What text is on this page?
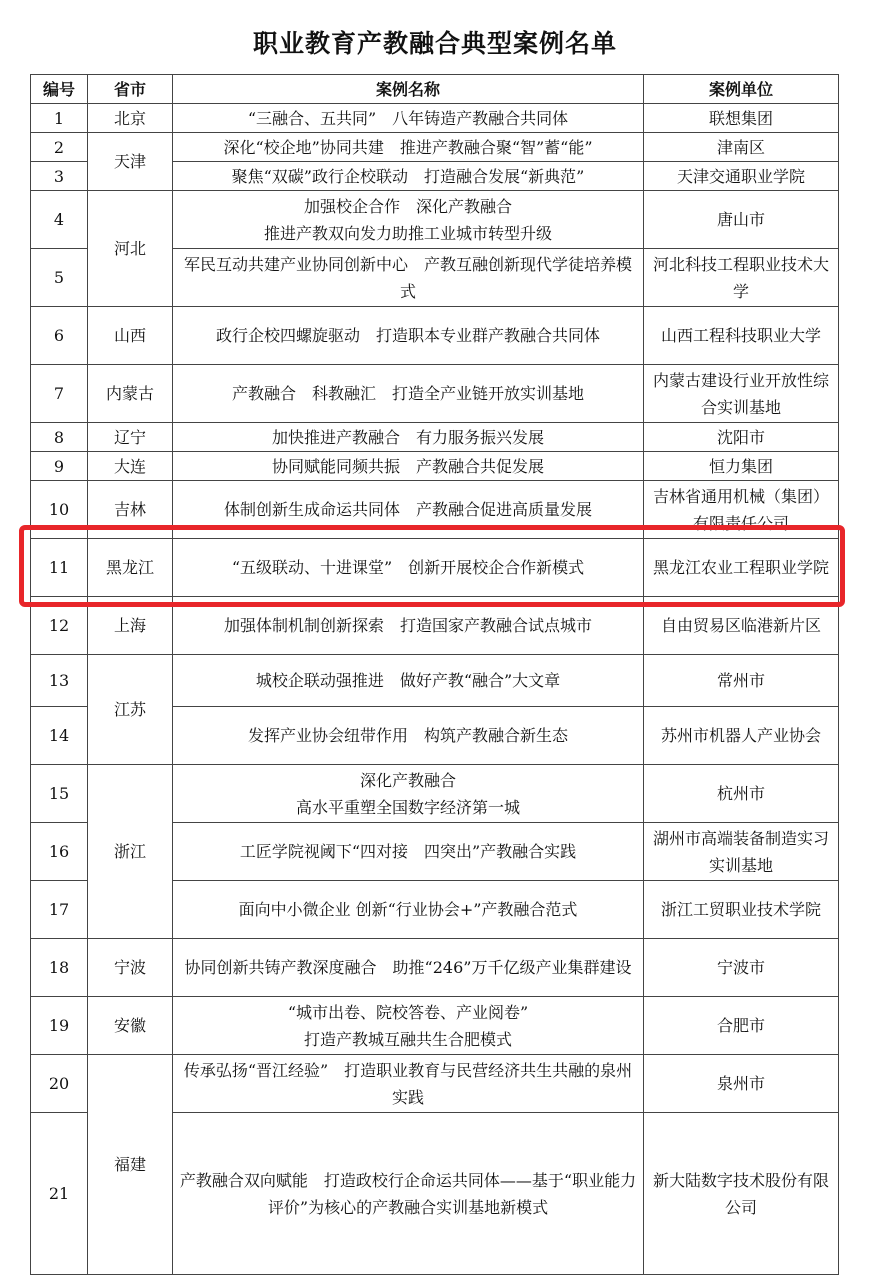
职业教育产教融合典型案例名单
编号	省市	案例名称	案例单位
1	北京	“三融合、五共同”　八年铸造产教融合共同体	联想集团
2	天津	深化“校企地”协同共建　推进产教融合聚“智”蓄“能”	津南区
3		聚焦“双碳”政行企校联动　打造融合发展“新典范”	天津交通职业学院
4	河北	加强校企合作　深化产教融合
推进产教双向发力助推工业城市转型升级	唐山市
5		军民互动共建产业协同创新中心　产教互融创新现代学徒培养模式	河北科技工程职业技术大学
6	山西	政行企校四螺旋驱动　打造职本专业群产教融合共同体	山西工程科技职业大学
7	内蒙古	产教融合　科教融汇　打造全产业链开放实训基地	内蒙古建设行业开放性综合实训基地
8	辽宁	加快推进产教融合　有力服务振兴发展	沈阳市
9	大连	协同赋能同频共振　产教融合共促发展	恒力集团
10	吉林	体制创新生成命运共同体　产教融合促进高质量发展	吉林省通用机械（集团）有限责任公司
11	黑龙江	“五级联动、十进课堂”　创新开展校企合作新模式	黑龙江农业工程职业学院
12	上海	加强体制机制创新探索　打造国家产教融合试点城市	自由贸易区临港新片区
13	江苏	城校企联动强推进　做好产教“融合”大文章	常州市
14		发挥产业协会纽带作用　构筑产教融合新生态	苏州市机器人产业协会
15	浙江	深化产教融合
高水平重塑全国数字经济第一城	杭州市
16		工匠学院视阈下“四对接　四突出”产教融合实践	湖州市高端装备制造实习实训基地
17		面向中小微企业 创新“行业协会+”产教融合范式	浙江工贸职业技术学院
18	宁波	协同创新共铸产教深度融合　助推“246”万千亿级产业集群建设	宁波市
19	安徽	“城市出卷、院校答卷、产业阅卷”
打造产教城互融共生合肥模式	合肥市
20	福建	传承弘扬“晋江经验”　打造职业教育与民营经济共生共融的泉州实践	泉州市
21		产教融合双向赋能　打造政校行企命运共同体——基于“职业能力评价”为核心的产教融合实训基地新模式	新大陆数字技术股份有限公司
